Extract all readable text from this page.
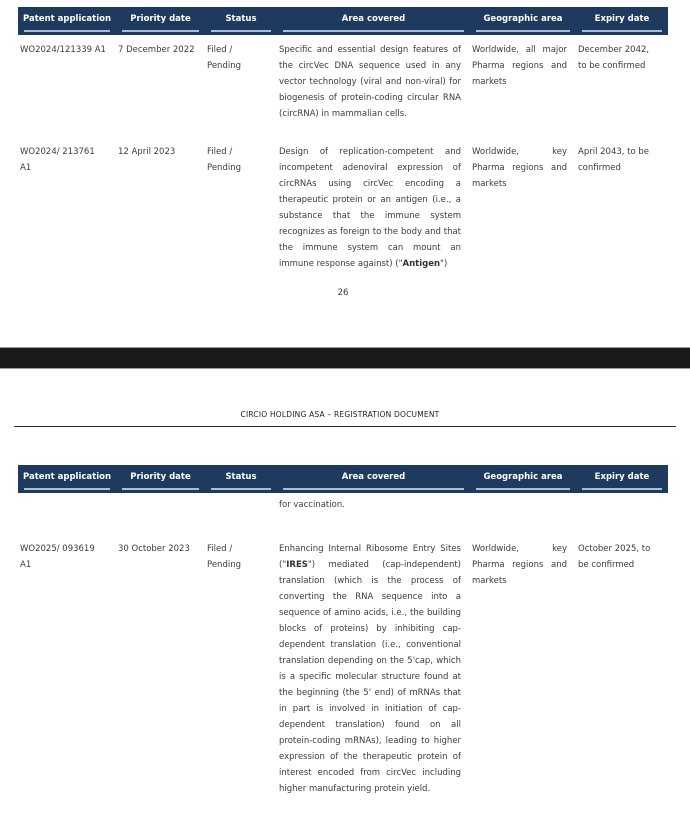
Patent application	Priority date	Status	Area covered	Geographic area	Expiry date
WO2024/121339 A1	7 December 2022	Filed / Pending	Specific and essential design features of the circVec DNA sequence used in any vector technology (viral and non-viral) for biogenesis of protein-coding circular RNA (circRNA) in mammalian cells.	Worldwide, all major Pharma regions and markets	December 2042, to be confirmed
WO2024/ 213761 A1	12 April 2023	Filed / Pending	Design of replication-competent and incompetent adenoviral expression of circRNAs using circVec encoding a therapeutic protein or an antigen (i.e., a substance that the immune system recognizes as foreign to the body and that the immune system can mount an immune response against) ("Antigen")	Worldwide, key Pharma regions and markets	April 2043, to be confirmed
26
CIRCIO HOLDING ASA – REGISTRATION DOCUMENT
Patent application	Priority date	Status	Area covered	Geographic area	Expiry date
			for vaccination.		
WO2025/ 093619 A1	30 October 2023	Filed / Pending	Enhancing Internal Ribosome Entry Sites ("IRES") mediated (cap-independent) translation (which is the process of converting the RNA sequence into a sequence of amino acids, i.e., the building blocks of proteins) by inhibiting cap-dependent translation (i.e., conventional translation depending on the 5'cap, which is a specific molecular structure found at the beginning (the 5' end) of mRNAs that in part is involved in initiation of cap-dependent translation) found on all protein-coding mRNAs), leading to higher expression of the therapeutic protein of interest encoded from circVec including higher manufacturing protein yield.	Worldwide, key Pharma regions and markets	October 2025, to be confirmed
